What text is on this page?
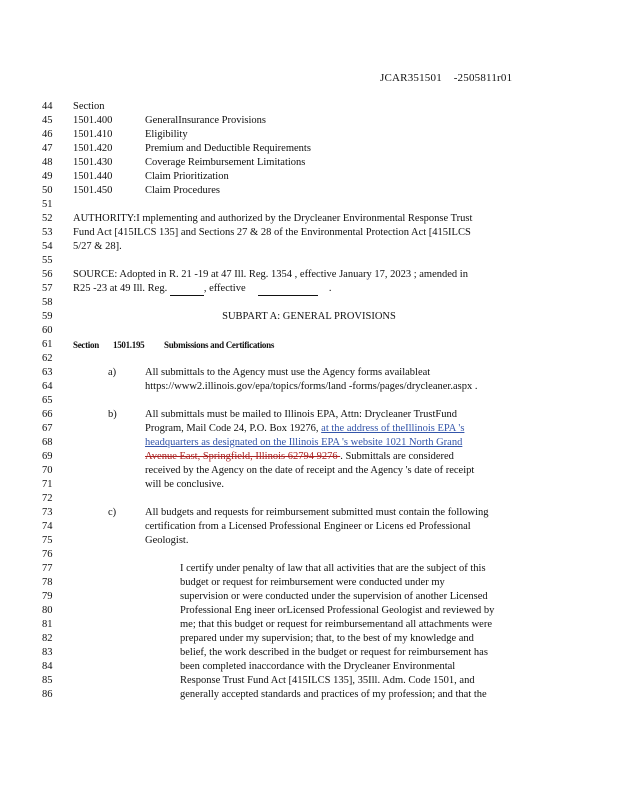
JCAR351501    -2505811r01
44
45
46
47
48
49
50
51
52
53
54
55
56
57
58
59
60
61
62
63
64
65
66
67
68
69
70
71
72
73
74
75
76
77
78
79
80
81
82
83
84
85
86
Section
1501.400	GeneralInsurance Provisions
1501.410	Eligibility
1501.420	Premium and Deductible Requirements
1501.430	Coverage Reimbursement Limitations
1501.440	Claim Prioritization
1501.450	Claim Procedures
AUTHORITY:I mplementing and authorized by the Drycleaner Environmental Response Trust
Fund Act [415ILCS 135] and Sections 27 & 28 of the Environmental Protection Act [415ILCS
5/27 & 28].
SOURCE: Adopted in R. 21 -19 at 47 Ill. Reg. 1354 , effective January 17, 2023 ; amended in
R25 -23 at 49 Ill. Reg.	, effective	.
SUBPART A: GENERAL PROVISIONS
Section 1501.195 Submissions and Certifications
a)	All submittals to the Agency must use the Agency forms availableat
https://www2.illinois.gov/epa/topics/forms/land -forms/pages/drycleaner.aspx .
b)	All submittals must be mailed to Illinois EPA, Attn: Drycleaner TrustFund
Program, Mail Code 24, P.O. Box 19276, at the address of theIllinois EPA 's
headquarters as designated on the Illinois EPA 's website 1021 North Grand
Avenue East, Springfield, Illinois 62794 9276 . Submittals are considered
received by the Agency on the date of receipt and the Agency 's date of receipt
will be conclusive.
c)	All budgets and requests for reimbursement submitted must contain the following
certification from a Licensed Professional Engineer or Licens ed Professional
Geologist.
I certify under penalty of law that all activities that are the subject of this
budget or request for reimbursement were conducted under my
supervision or were conducted under the supervision of another Licensed
Professional Eng ineer orLicensed Professional Geologist and reviewed by
me; that this budget or request for reimbursementand all attachments were
prepared under my supervision; that, to the best of my knowledge and
belief, the work described in the budget or request for reimbursement has
been completed inaccordance with the Drycleaner Environmental
Response Trust Fund Act [415ILCS 135], 35Ill. Adm. Code 1501, and
generally accepted standards and practices of my profession; and that the
